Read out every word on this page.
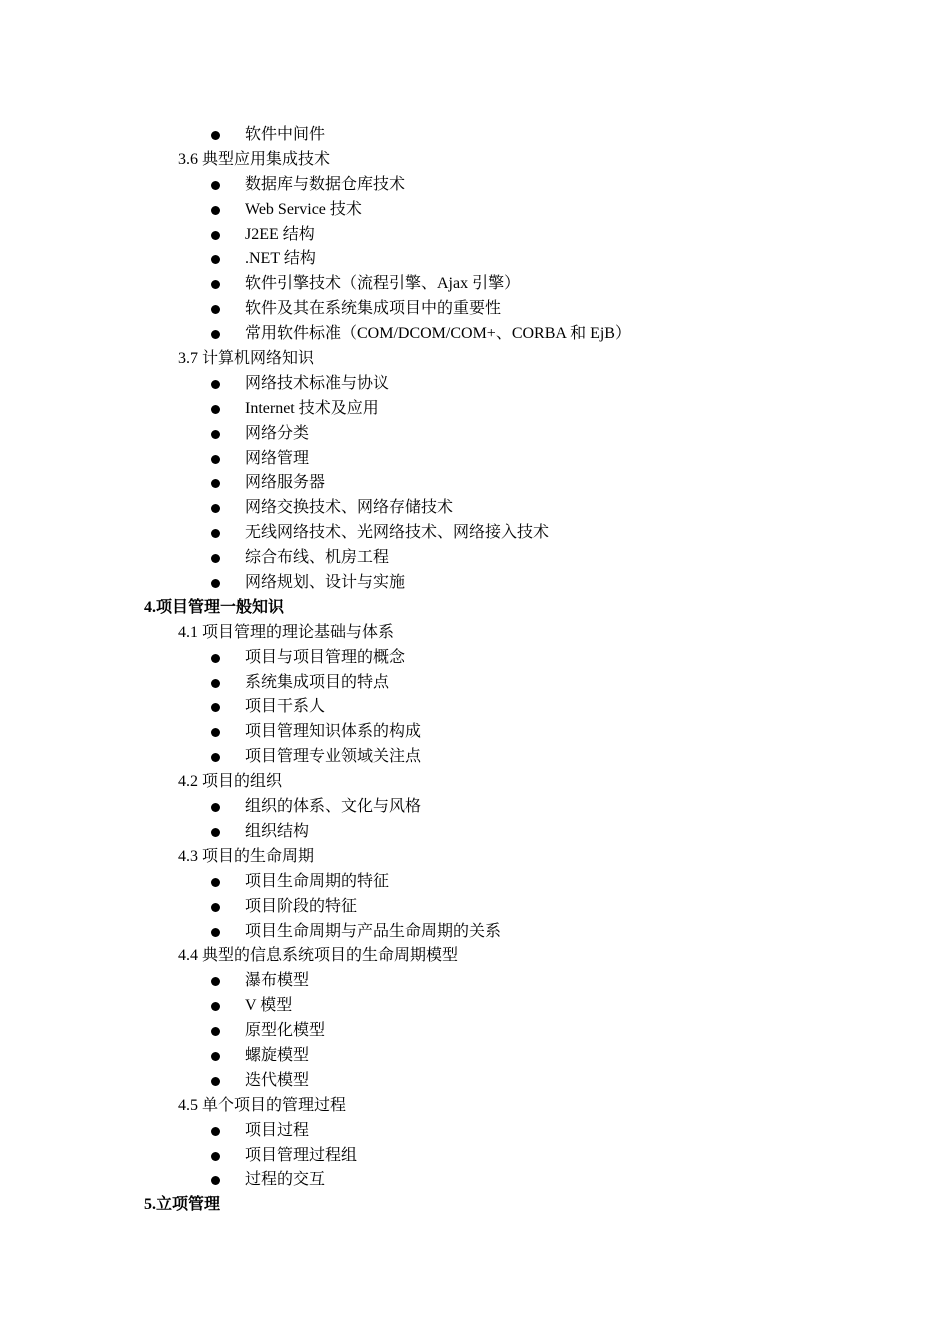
软件中间件
3.6 典型应用集成技术
数据库与数据仓库技术
Web Service 技术
J2EE 结构
.NET 结构
软件引擎技术（流程引擎、Ajax 引擎）
软件及其在系统集成项目中的重要性
常用软件标准（COM/DCOM/COM+、CORBA 和 EjB）
3.7 计算机网络知识
网络技术标准与协议
Internet 技术及应用
网络分类
网络管理
网络服务器
网络交换技术、网络存储技术
无线网络技术、光网络技术、网络接入技术
综合布线、机房工程
网络规划、设计与实施
4.项目管理一般知识
4.1 项目管理的理论基础与体系
项目与项目管理的概念
系统集成项目的特点
项目干系人
项目管理知识体系的构成
项目管理专业领域关注点
4.2 项目的组织
组织的体系、文化与风格
组织结构
4.3 项目的生命周期
项目生命周期的特征
项目阶段的特征
项目生命周期与产品生命周期的关系
4.4 典型的信息系统项目的生命周期模型
瀑布模型
V 模型
原型化模型
螺旋模型
迭代模型
4.5 单个项目的管理过程
项目过程
项目管理过程组
过程的交互
5.立项管理
